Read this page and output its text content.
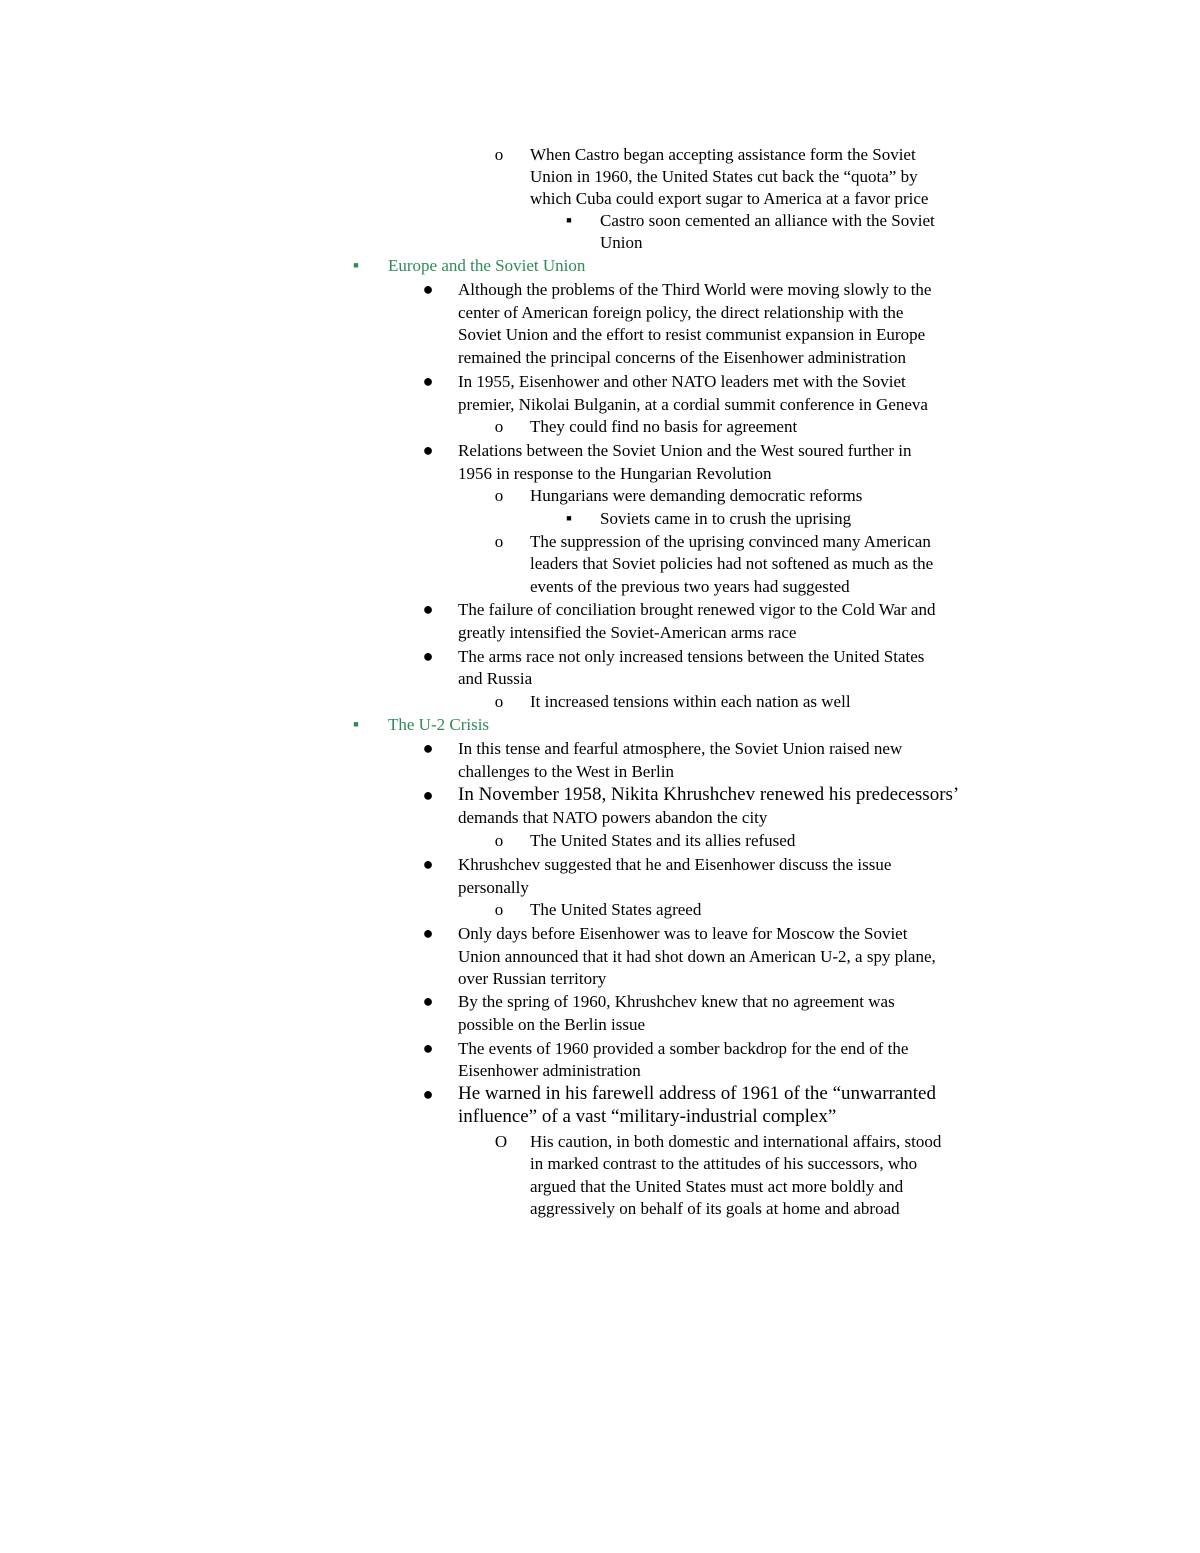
o When Castro began accepting assistance form the Soviet
Union in 1960, the United States cut back the “quota” by
which Cuba could export sugar to America at a favor price
■ Castro soon cemented an alliance with the Soviet
Union
■ Europe and the Soviet Union
● Although the problems of the Third World were moving slowly to the
center of American foreign policy, the direct relationship with the
Soviet Union and the effort to resist communist expansion in Europe
remained the principal concerns of the Eisenhower administration
● In 1955, Eisenhower and other NATO leaders met with the Soviet
premier, Nikolai Bulganin, at a cordial summit conference in Geneva
o They could find no basis for agreement
● Relations between the Soviet Union and the West soured further in
1956 in response to the Hungarian Revolution
o Hungarians were demanding democratic reforms
■ Soviets came in to crush the uprising
o The suppression of the uprising convinced many American
leaders that Soviet policies had not softened as much as the
events of the previous two years had suggested
● The failure of conciliation brought renewed vigor to the Cold War and
greatly intensified the Soviet-American arms race
● The arms race not only increased tensions between the United States
and Russia
o It increased tensions within each nation as well
■ The U-2 Crisis
● In this tense and fearful atmosphere, the Soviet Union raised new
challenges to the West in Berlin
● In November 1958, Nikita Khrushchev renewed his predecessors’
demands that NATO powers abandon the city
o The United States and its allies refused
● Khrushchev suggested that he and Eisenhower discuss the issue
personally
o The United States agreed
● Only days before Eisenhower was to leave for Moscow the Soviet
Union announced that it had shot down an American U-2, a spy plane,
over Russian territory
● By the spring of 1960, Khrushchev knew that no agreement was
possible on the Berlin issue
● The events of 1960 provided a somber backdrop for the end of the
Eisenhower administration
● He warned in his farewell address of 1961 of the “unwarranted
influence” of a vast “military-industrial complex”
O His caution, in both domestic and international affairs, stood
in marked contrast to the attitudes of his successors, who
argued that the United States must act more boldly and
aggressively on behalf of its goals at home and abroad
